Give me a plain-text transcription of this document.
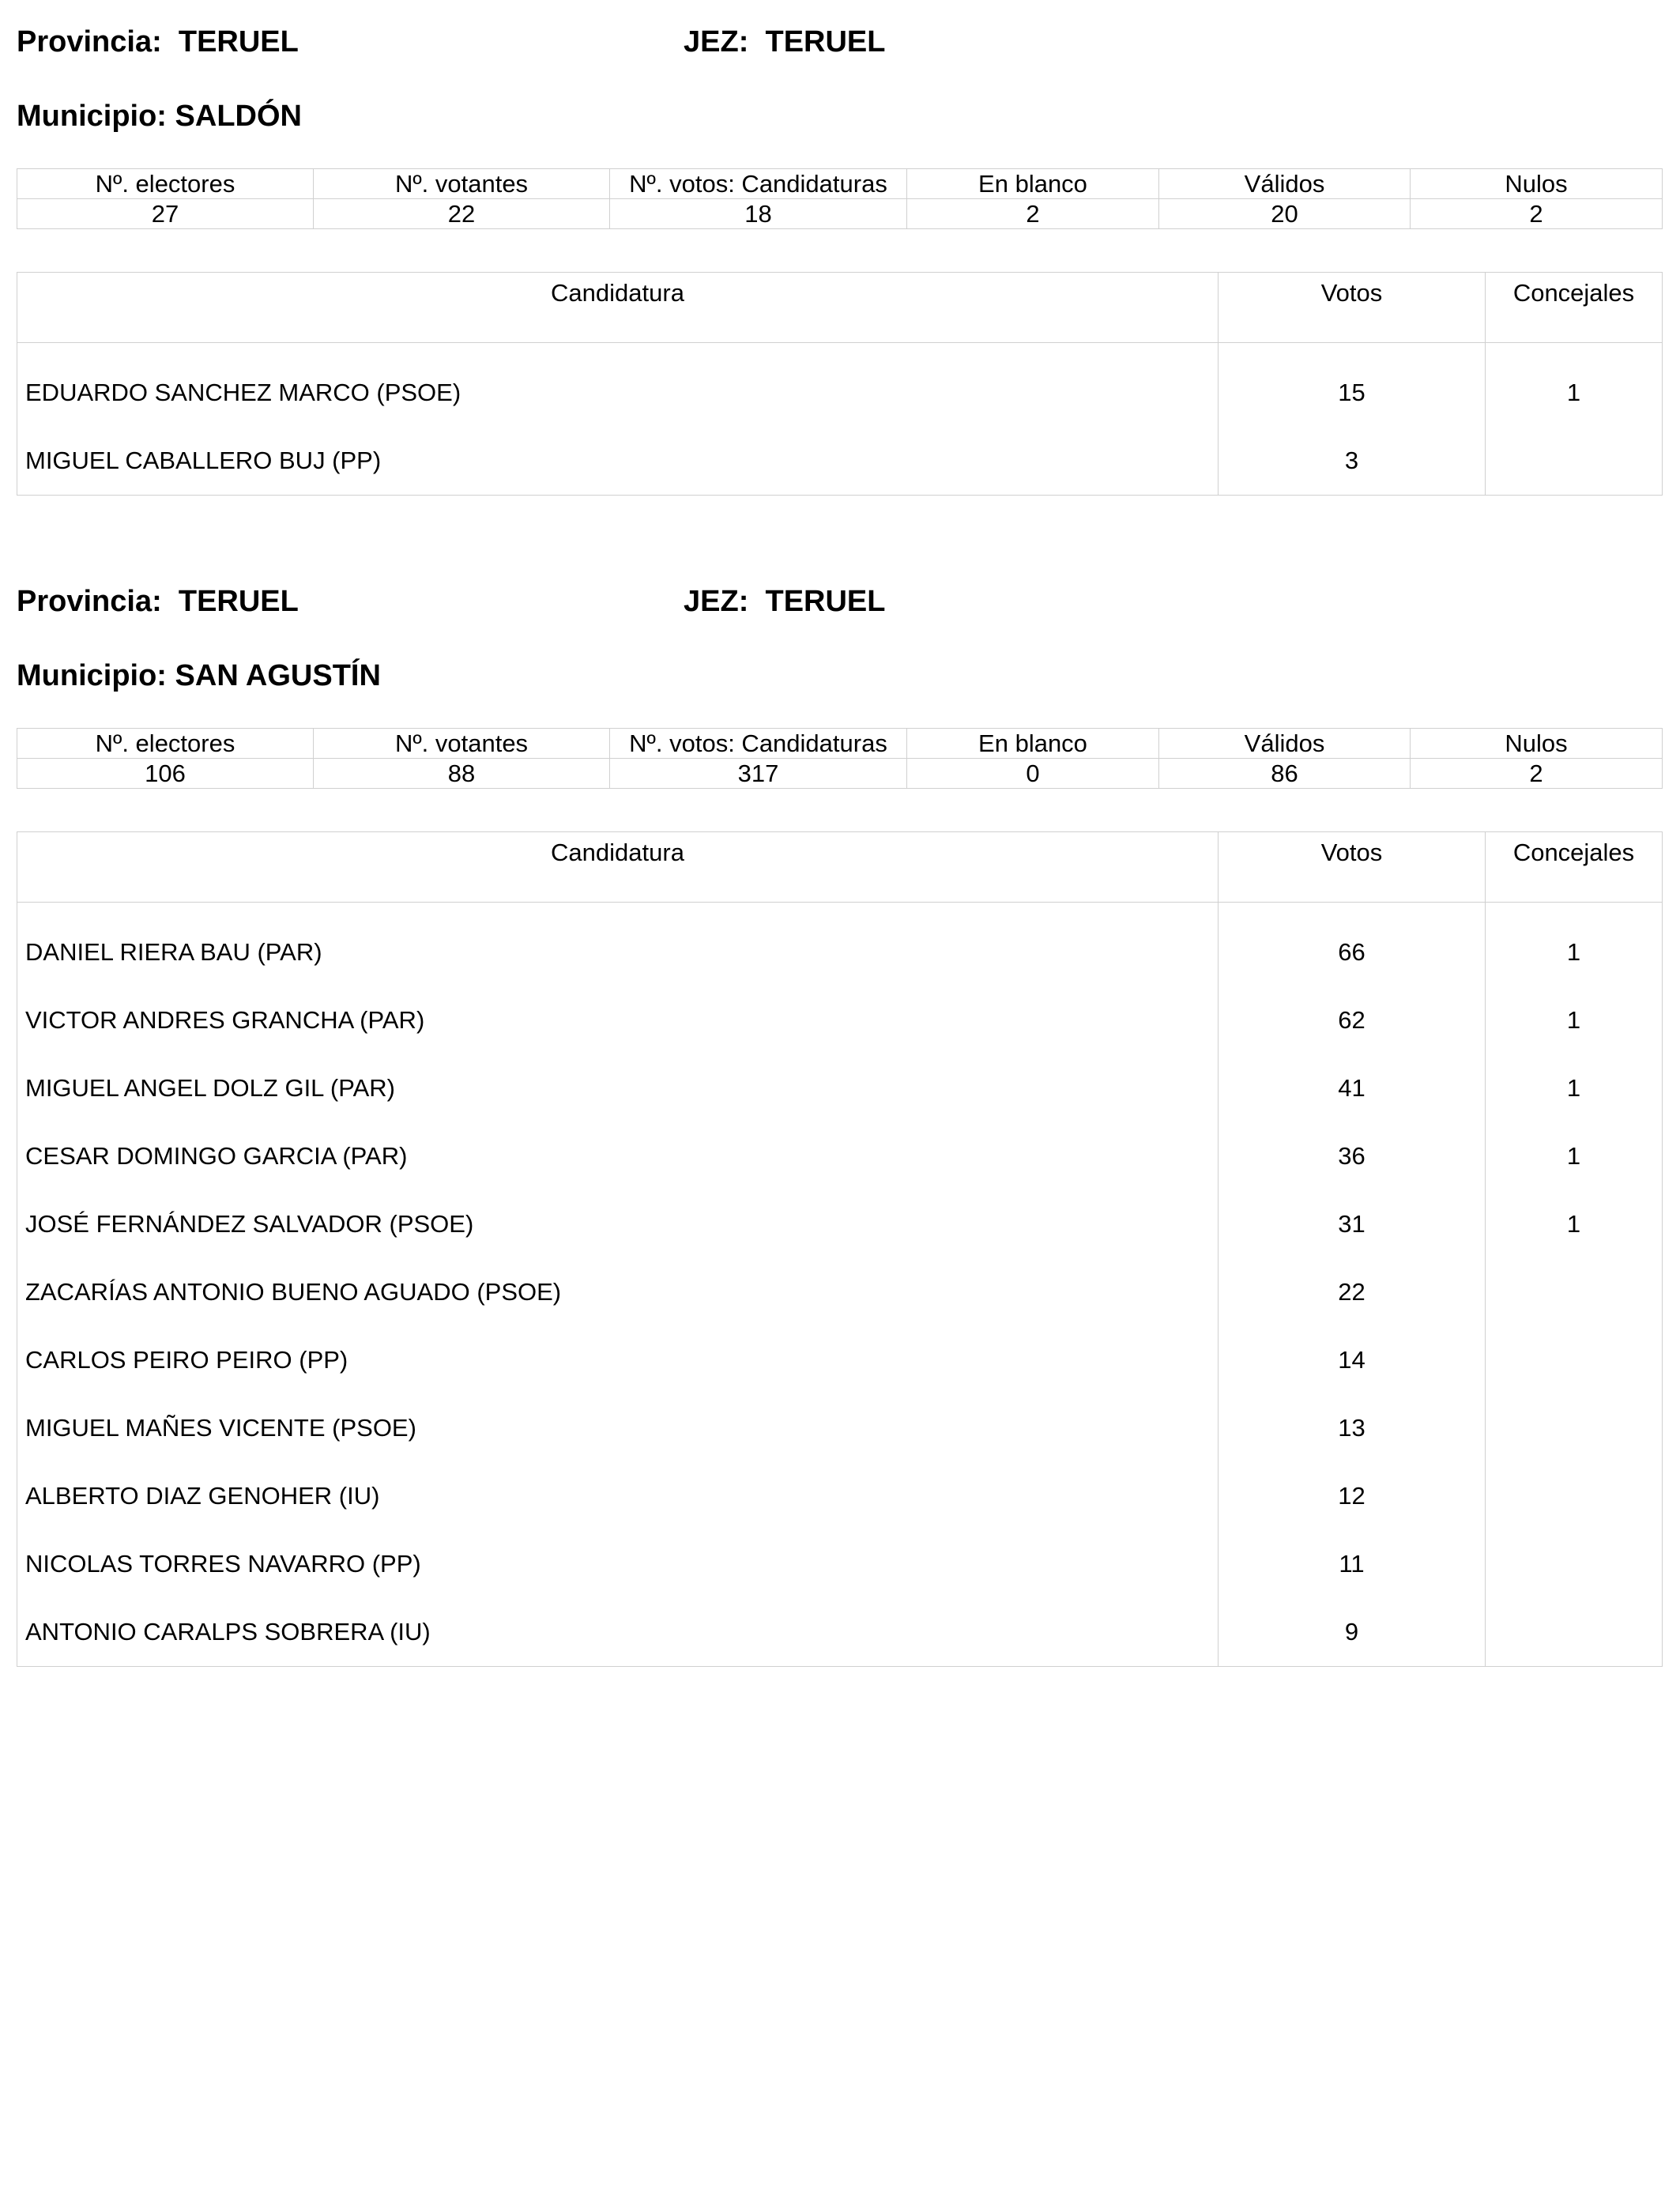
Provincia: TERUEL	JEZ: TERUEL
Municipio: SALDÓN
Nº. electores	Nº. votantes	Nº. votos: Candidaturas	En blanco	Válidos	Nulos
27	22	18	2	20	2
Candidatura	Votos	Concejales

EDUARDO SANCHEZ MARCO (PSOE)	15	1
MIGUEL CABALLERO BUJ (PP)	3	
Provincia: TERUEL	JEZ: TERUEL
Municipio: SAN AGUSTÍN
Nº. electores	Nº. votantes	Nº. votos: Candidaturas	En blanco	Válidos	Nulos
106	88	317	0	86	2
Candidatura	Votos	Concejales

DANIEL RIERA BAU (PAR)	66	1
VICTOR ANDRES GRANCHA (PAR)	62	1
MIGUEL ANGEL DOLZ GIL (PAR)	41	1
CESAR DOMINGO GARCIA (PAR)	36	1
JOSÉ FERNÁNDEZ SALVADOR (PSOE)	31	1
ZACARÍAS ANTONIO BUENO AGUADO (PSOE)	22	
CARLOS PEIRO PEIRO (PP)	14	
MIGUEL MAÑES VICENTE (PSOE)	13	
ALBERTO DIAZ GENOHER (IU)	12	
NICOLAS TORRES NAVARRO (PP)	11	
ANTONIO CARALPS SOBRERA (IU)	9	
